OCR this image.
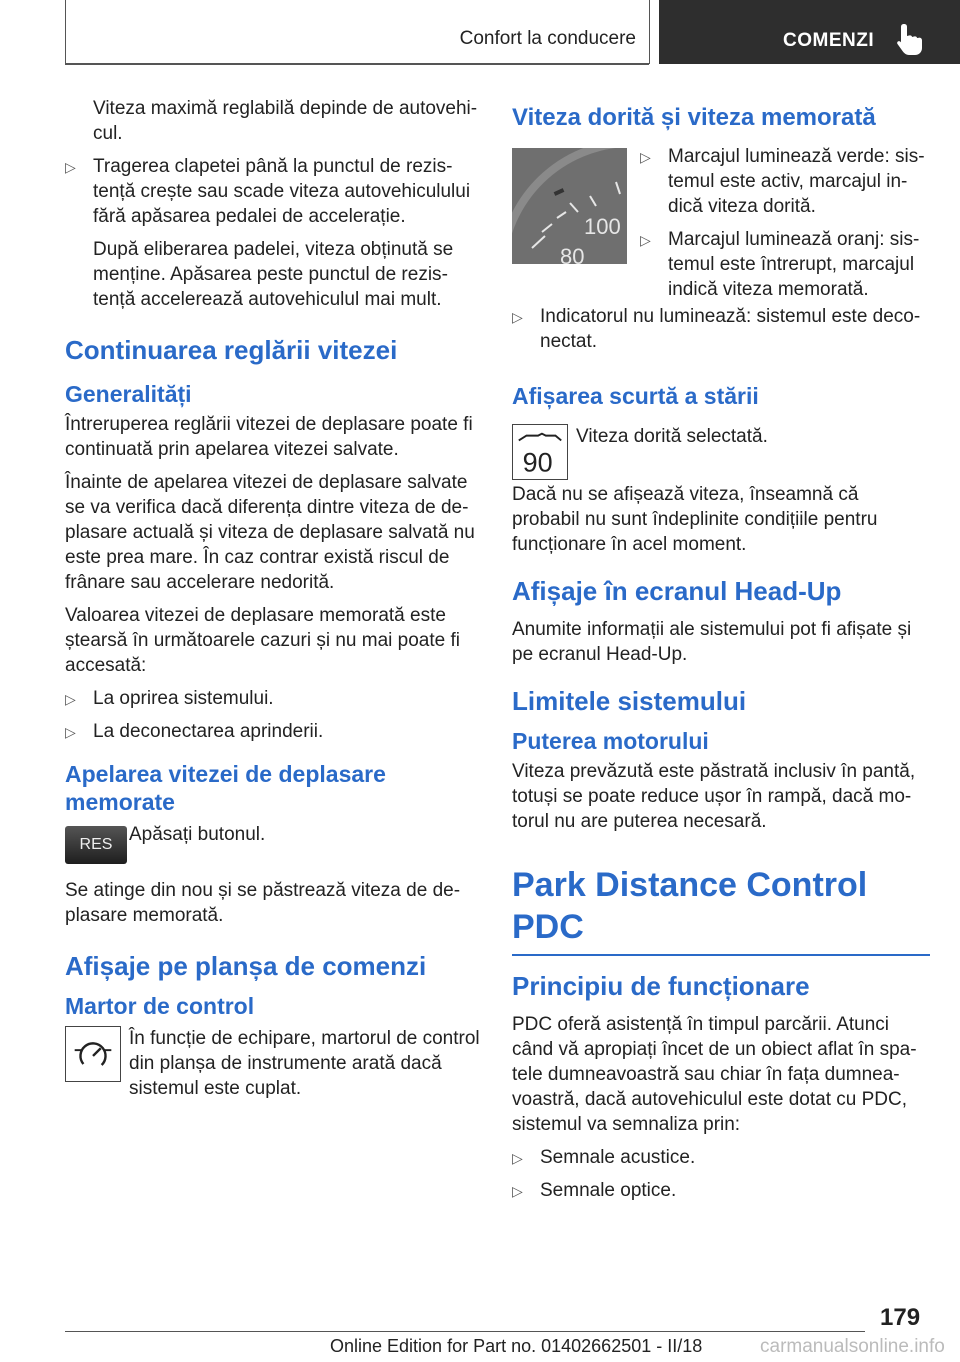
Confort la conducere	COMENZI

Viteza maximă reglabilă depinde de autovehicul.

▷ Tragerea clapetei până la punctul de rezistență crește sau scade viteza autovehiculului fără apăsarea pedalei de accelerație.

După eliberarea padelei, viteza obținută se menține. Apăsarea peste punctul de rezistență accelerează autovehiculul mai mult.

Continuarea reglării vitezei
Generalități

Întreruperea reglării vitezei de deplasare poate fi continuată prin apelarea vitezei salvate.

Înainte de apelarea vitezei de deplasare salvate se va verifica dacă diferența dintre viteza de deplasare actuală și viteza de deplasare salvată nu este prea mare. În caz contrar există riscul de frânare sau accelerare nedorită.

Valoarea vitezei de deplasare memorată este ștearsă în următoarele cazuri și nu mai poate fi accesată:

▷ La oprirea sistemului.
▷ La deconectarea aprinderii.
Apelarea vitezei de deplasare memorate
RES Apăsați butonul.

Se atinge din nou și se păstrează viteza de deplasare memorată.

Afișaje pe planșa de comenzi
Martor de control
În funcție de echipare, martorul de control din planșa de instrumente arată dacă sistemul este cuplat.
Viteza dorită și viteza memorată
100
80
▷ Marcajul luminează verde: sistemul este activ, marcajul indică viteza dorită.
▷ Marcajul luminează oranj: sistemul este întrerupt, marcajul indică viteza memorată.
▷ Indicatorul nu luminează: sistemul este deconectat.
Afișarea scurtă a stării
90
Viteza dorită selectată.

Dacă nu se afișează viteza, înseamnă că probabil nu sunt îndeplinite condițiile pentru funcționare în acel moment.

Afișaje în ecranul Head-Up

Anumite informații ale sistemului pot fi afișate și pe ecranul Head-Up.

Limitele sistemului
Puterea motorului

Viteza prevăzută este păstrată inclusiv în pantă, totuși se poate reduce ușor în rampă, dacă motorul nu are puterea necesară.

Park Distance Control PDC
Principiu de funcționare

PDC oferă asistență în timpul parcării. Atunci când vă apropiați încet de un obiect aflat în spatele dumneavoastră sau chiar în fața dumneavoastră, dacă autovehiculul este dotat cu PDC, sistemul va semnaliza prin:

▷ Semnale acustice.
▷ Semnale optice.
179
Online Edition for Part no. 01402662501 - II/18	carmanualsonline.info
